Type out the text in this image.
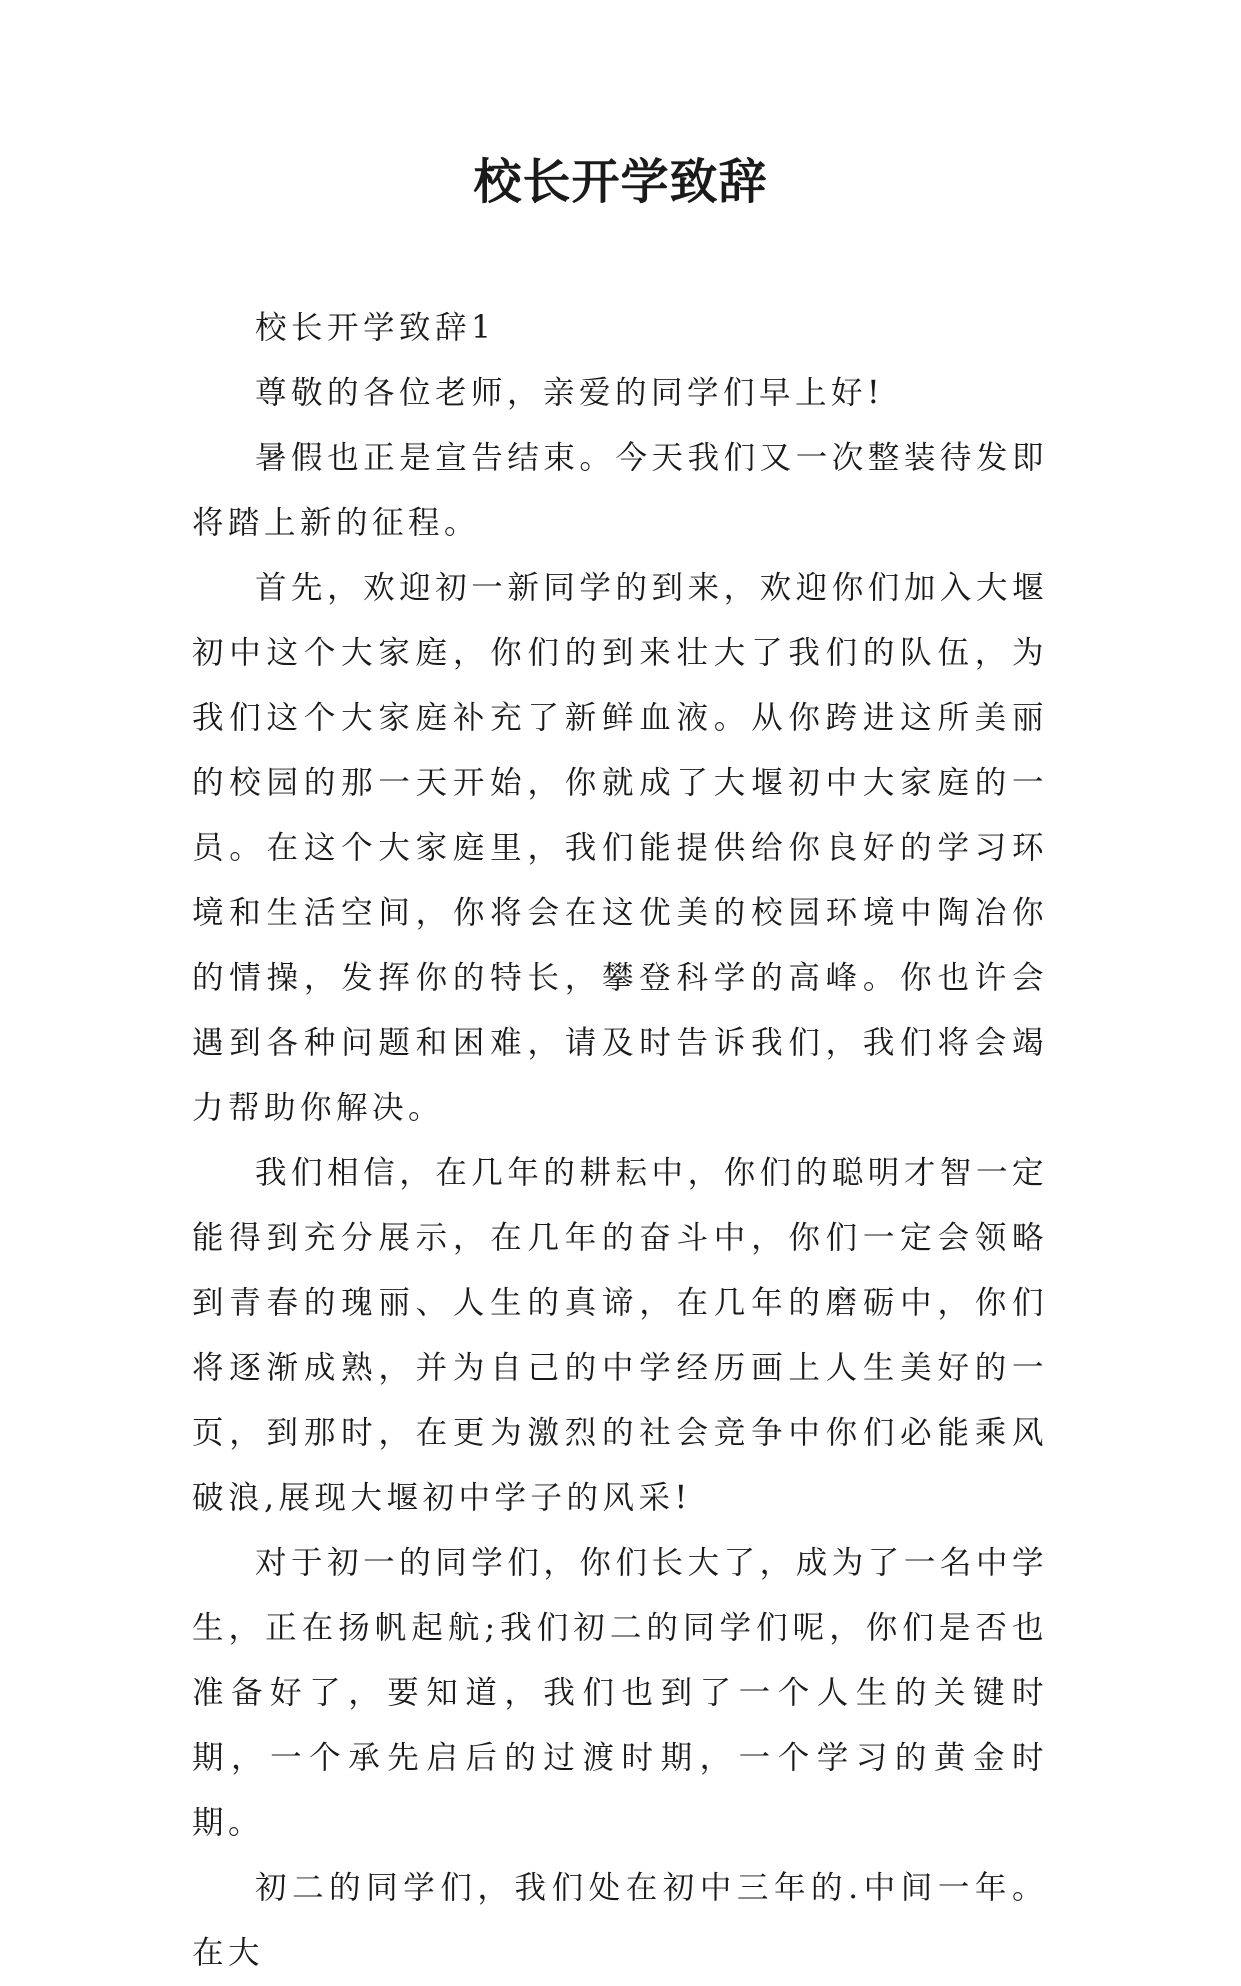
校长开学致辞

校长开学致辞1

尊敬的各位老师，亲爱的同学们早上好!

暑假也正是宣告结束。今天我们又一次整装待发即将踏上新的征程。

首先，欢迎初一新同学的到来，欢迎你们加入大堰初中这个大家庭，你们的到来壮大了我们的队伍，为我们这个大家庭补充了新鲜血液。从你跨进这所美丽的校园的那一天开始，你就成了大堰初中大家庭的一员。在这个大家庭里，我们能提供给你良好的学习环境和生活空间，你将会在这优美的校园环境中陶冶你的情操，发挥你的特长，攀登科学的高峰。你也许会遇到各种问题和困难，请及时告诉我们，我们将会竭力帮助你解决。

我们相信，在几年的耕耘中，你们的聪明才智一定能得到充分展示，在几年的奋斗中，你们一定会领略到青春的瑰丽、人生的真谛，在几年的磨砺中，你们将逐渐成熟，并为自己的中学经历画上人生美好的一页，到那时，在更为激烈的社会竞争中你们必能乘风破浪,展现大堰初中学子的风采!

对于初一的同学们，你们长大了，成为了一名中学生，正在扬帆起航;我们初二的同学们呢，你们是否也准备好了，要知道，我们也到了一个人生的关键时期，一个承先启后的过渡时期，一个学习的黄金时期。

初二的同学们，我们处在初中三年的.中间一年。在大
